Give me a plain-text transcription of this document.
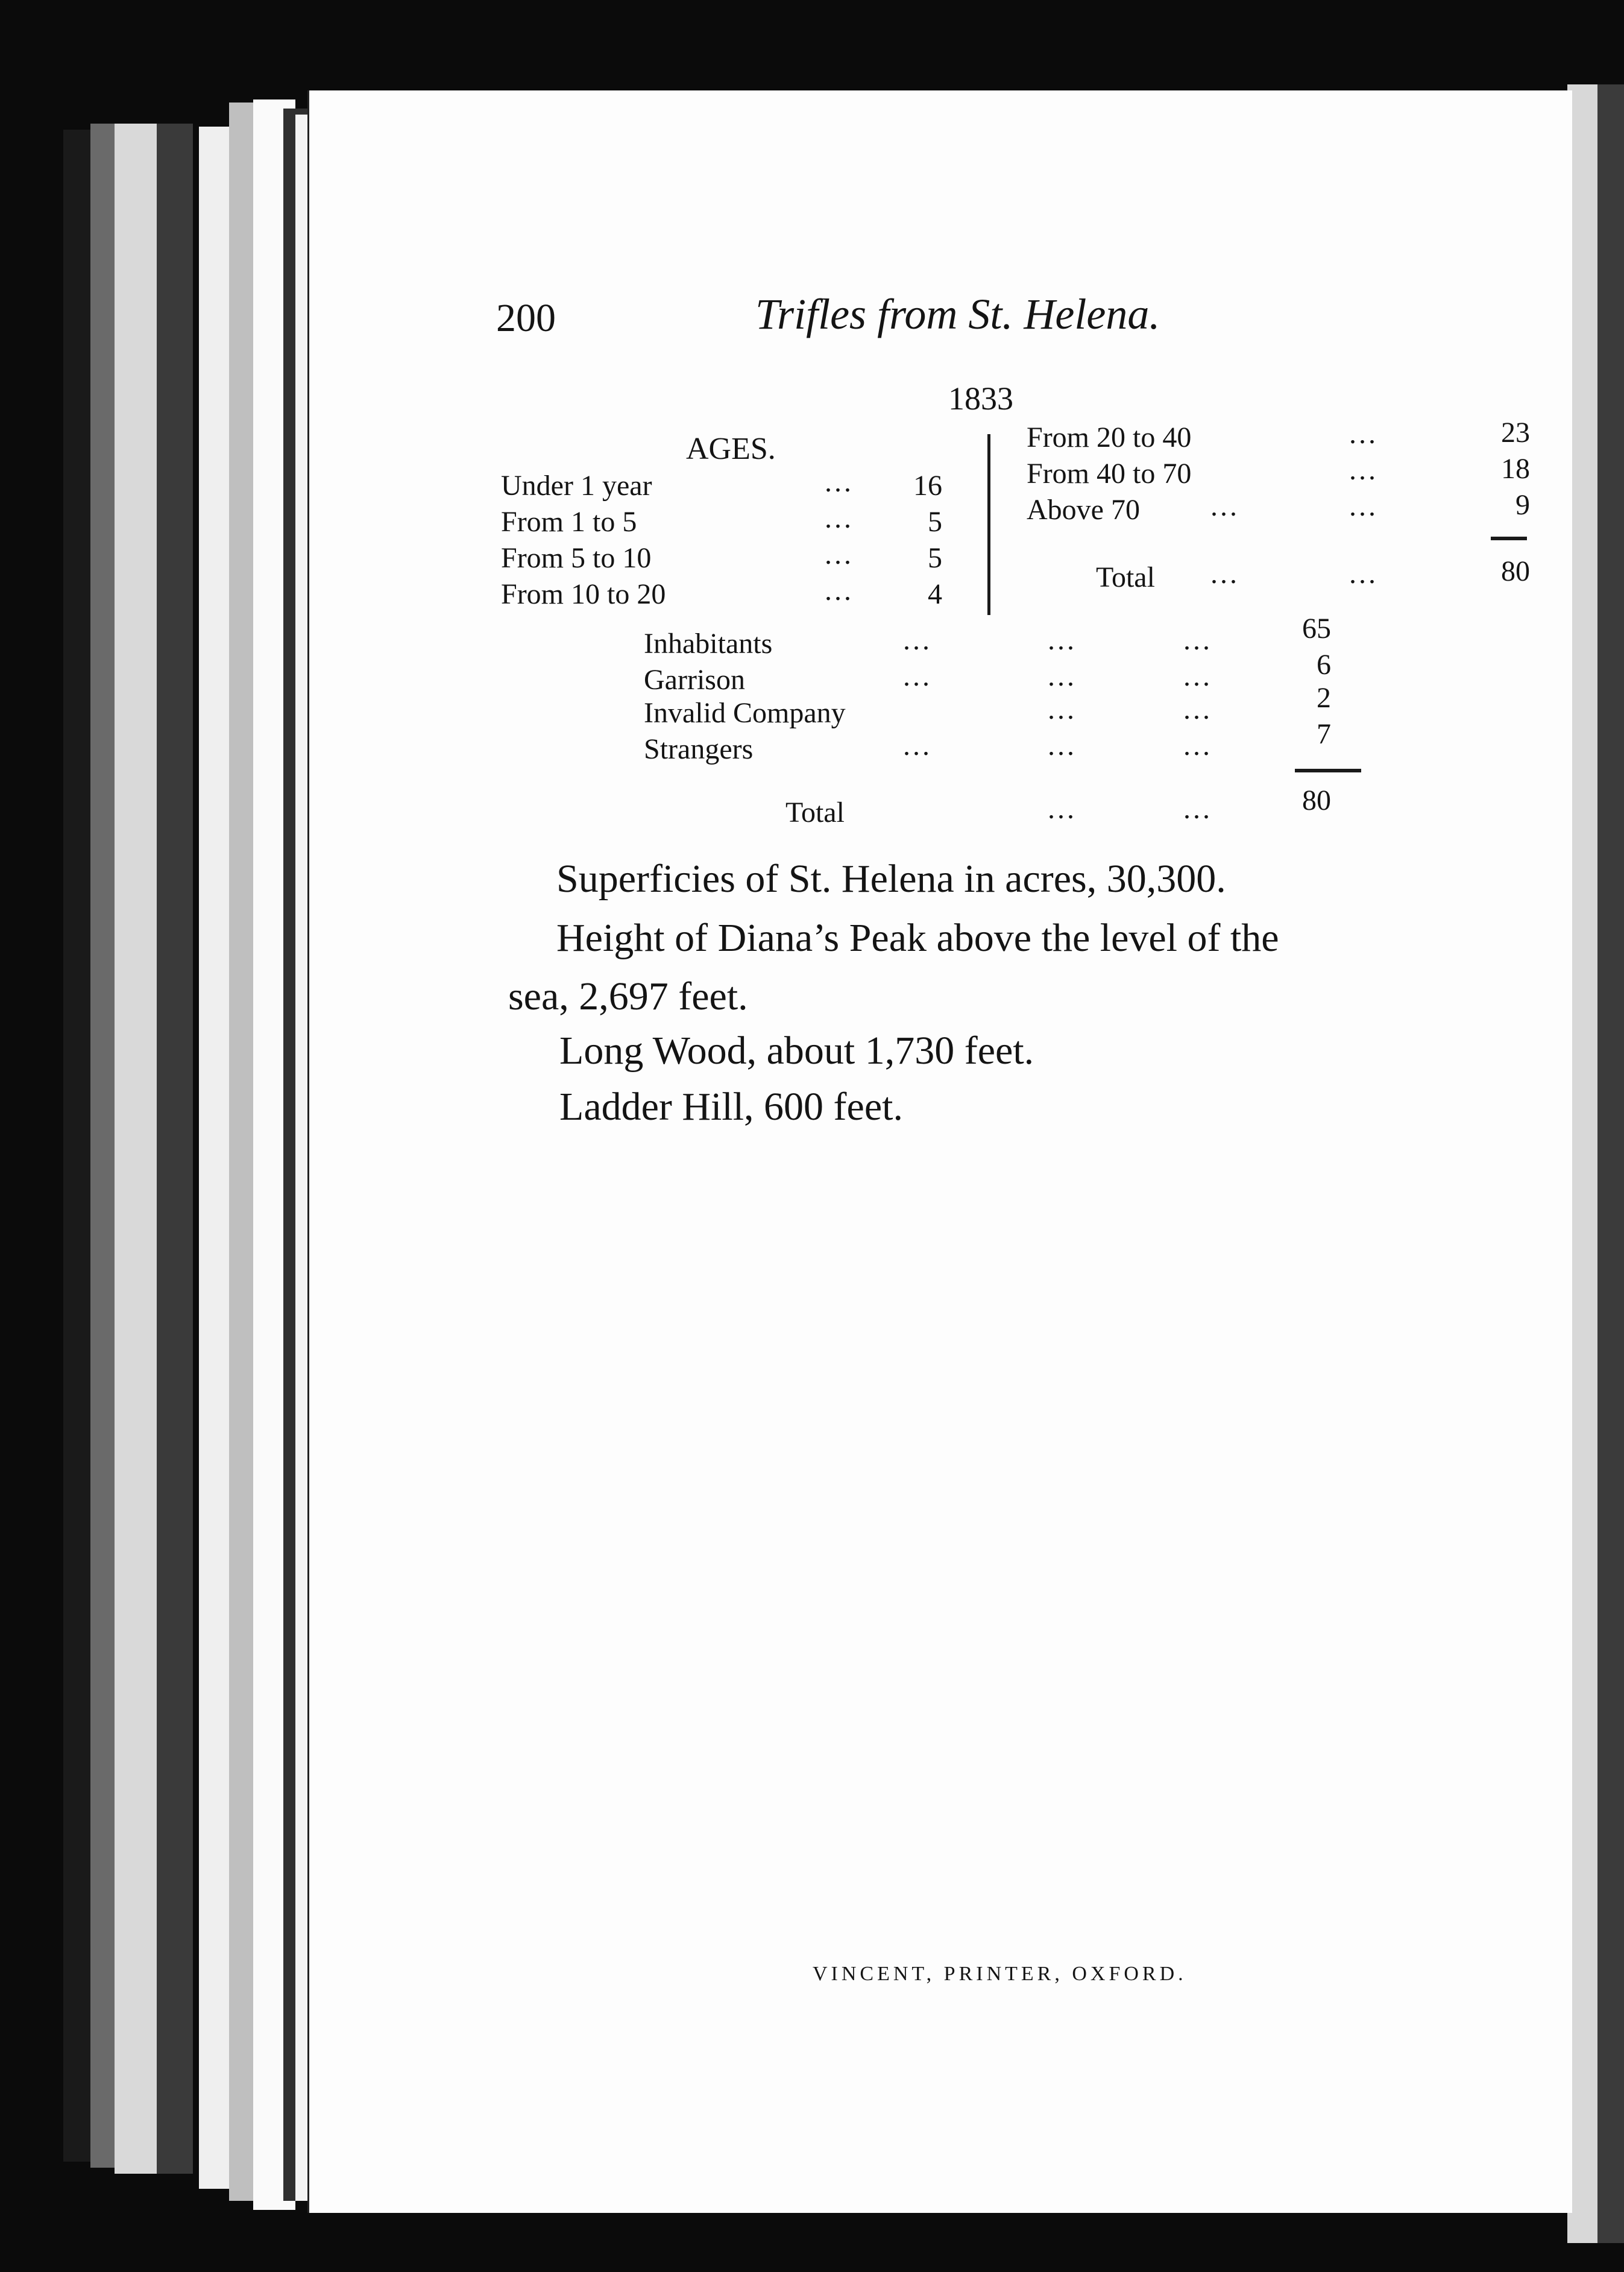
200	Trifles from St. Helena.
1833
AGES.
Under 1 year	...	16
From 1 to 5	...	5
From 5 to 10	...	5
From 10 to 20	...	4
From 20 to 40	...	23
From 40 to 70	...	18
Above 70 ...	...	9
Total ...	...	80
Inhabitants	...	...	...	65
Garrison	...	...	...	6
Invalid Company	...	...	2
Strangers	...	...	...	7
Total	...	...	80
Superficies of St. Helena in acres, 30,300.
Height of Diana’s Peak above the level of the
sea, 2,697 feet.
Long Wood, about 1,730 feet.
Ladder Hill, 600 feet.
VINCENT, PRINTER, OXFORD.
